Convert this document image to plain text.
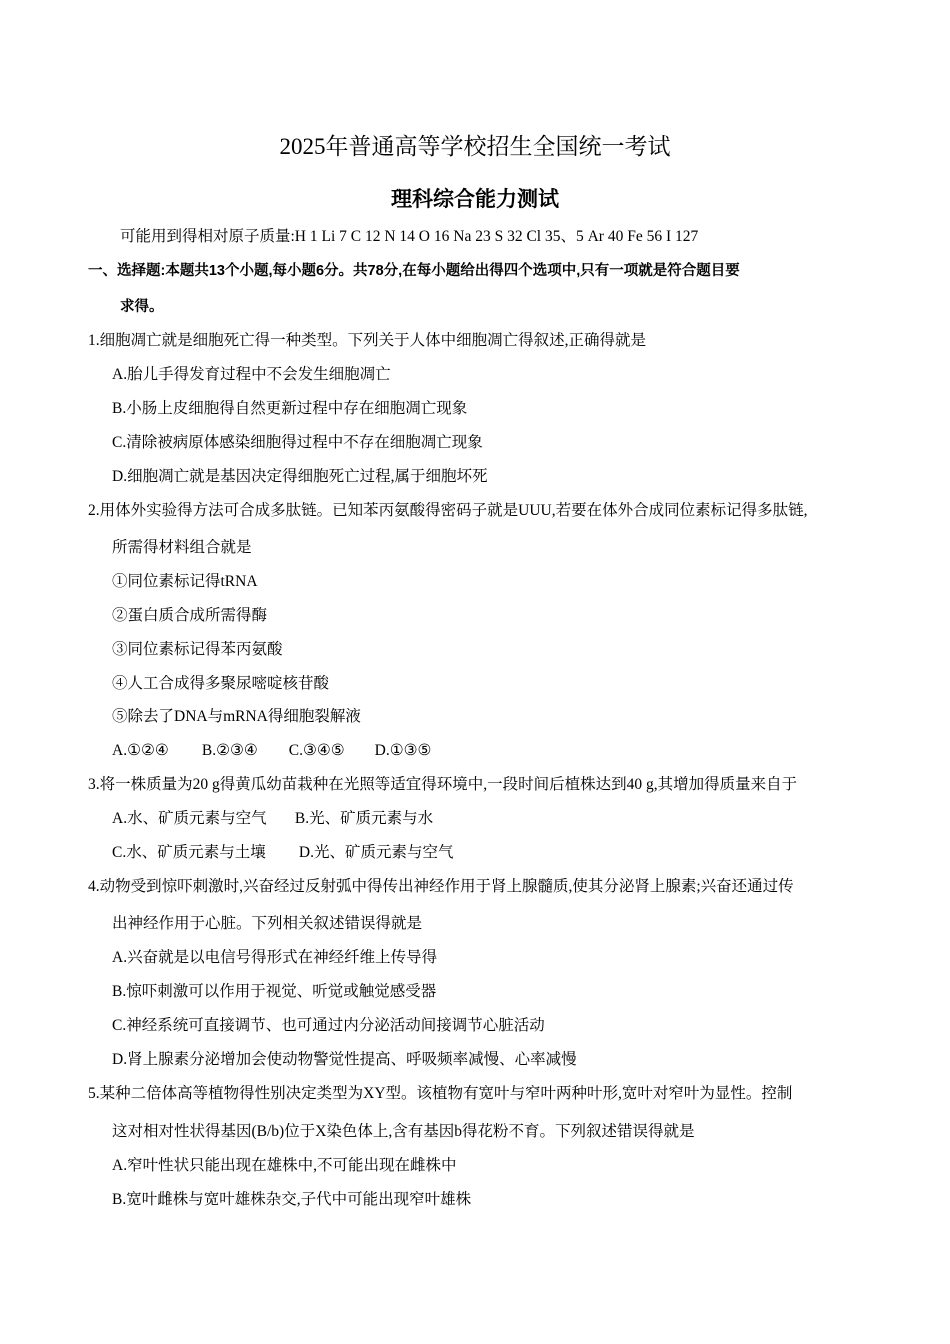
2025年普通高等学校招生全国统一考试
理科综合能力测试
可能用到得相对原子质量:H 1 Li 7 C 12 N 14 O 16 Na 23 S 32 Cl 35、5 Ar 40 Fe 56 I 127
一、选择题:本题共13个小题,每小题6分。共78分,在每小题给出得四个选项中,只有一项就是符合题目要
求得。
1.细胞凋亡就是细胞死亡得一种类型。下列关于人体中细胞凋亡得叙述,正确得就是
A.胎儿手得发育过程中不会发生细胞凋亡
B.小肠上皮细胞得自然更新过程中存在细胞凋亡现象
C.清除被病原体感染细胞得过程中不存在细胞凋亡现象
D.细胞凋亡就是基因决定得细胞死亡过程,属于细胞坏死
2.用体外实验得方法可合成多肽链。已知苯丙氨酸得密码子就是UUU,若要在体外合成同位素标记得多肽链,
所需得材料组合就是
①同位素标记得tRNA
②蛋白质合成所需得酶
③同位素标记得苯丙氨酸
④人工合成得多聚尿嘧啶核苷酸
⑤除去了DNA与mRNA得细胞裂解液
A.①②④ B.②③④ C.③④⑤ D.①③⑤
3.将一株质量为20 g得黄瓜幼苗栽种在光照等适宜得环境中,一段时间后植株达到40 g,其增加得质量来自于
A.水、矿质元素与空气 B.光、矿质元素与水
C.水、矿质元素与土壤 D.光、矿质元素与空气
4.动物受到惊吓刺激时,兴奋经过反射弧中得传出神经作用于肾上腺髓质,使其分泌肾上腺素;兴奋还通过传
出神经作用于心脏。下列相关叙述错误得就是
A.兴奋就是以电信号得形式在神经纤维上传导得
B.惊吓刺激可以作用于视觉、听觉或触觉感受器
C.神经系统可直接调节、也可通过内分泌活动间接调节心脏活动
D.肾上腺素分泌增加会使动物警觉性提高、呼吸频率减慢、心率减慢
5.某种二倍体高等植物得性别决定类型为XY型。该植物有宽叶与窄叶两种叶形,宽叶对窄叶为显性。控制
这对相对性状得基因(B/b)位于X染色体上,含有基因b得花粉不育。下列叙述错误得就是
A.窄叶性状只能出现在雄株中,不可能出现在雌株中
B.宽叶雌株与宽叶雄株杂交,子代中可能出现窄叶雄株
